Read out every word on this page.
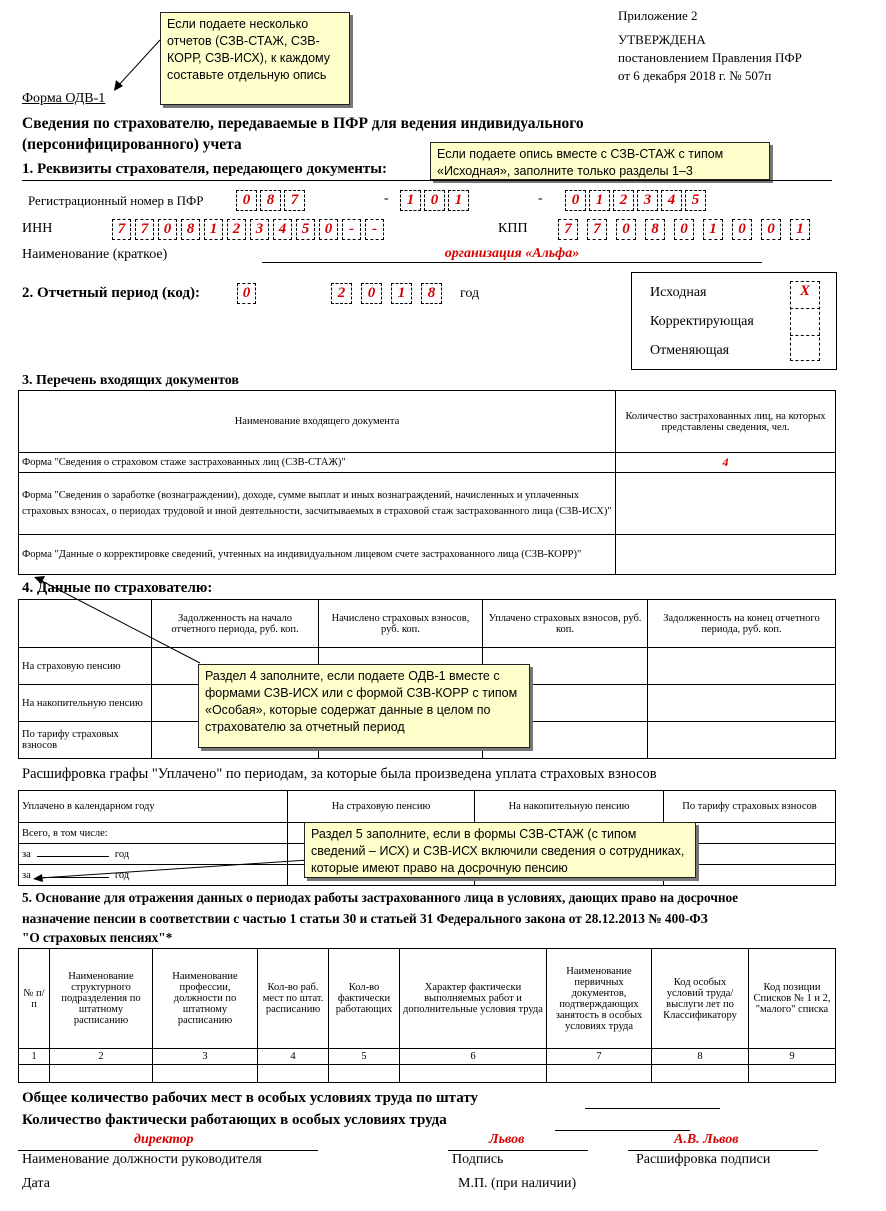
Приложение 2
УТВЕРЖДЕНА
постановлением Правления ПФР
от 6 декабря 2018 г. № 507п
Форма ОДВ-1
Сведения по страхователю, передаваемые в ПФР для ведения индивидуального
(персонифицированного) учета
Если подаете несколько
отчетов (СЗВ-СТАЖ, СЗВ-
КОРР, СЗВ-ИСХ), к каждому
составьте отдельную опись
Если подаете опись вместе с СЗВ-СТАЖ с типом
«Исходная», заполните только разделы 1–3
1. Реквизиты страхователя, передающего документы:
Регистрационный номер в ПФР
ИНН	КПП
Наименование (краткое)	организация «Альфа»
2. Отчетный период (код):	0	год	Исходная
Корректирующая
Отменяющая
X
3. Перечень входящих документов
Наименование входящего документа	Количество застрахованных лиц, на которых представлены сведения, чел.
Форма "Сведения о страховом стаже застрахованных лиц (СЗВ-СТАЖ)"	4
Форма "Сведения о заработке (вознаграждении), доходе, сумме выплат и иных вознаграждений, начисленных и уплаченных страховых взносах, о периодах трудовой и иной деятельности, засчитываемых в страховой стаж застрахованного лица (СЗВ-ИСХ)"	
Форма "Данные о корректировке сведений, учтенных на индивидуальном лицевом счете застрахованного лица (СЗВ-КОРР)"	
4. Данные по страхователю:
	Задолженность на начало отчетного периода, руб. коп.	Начислено страховых взносов, руб. коп.	Уплачено страховых взносов, руб. коп.	Задолженность на конец отчетного периода, руб. коп.
На страховую пенсию				
На накопительную пенсию				
По тарифу страховых взносов				
Раздел 4 заполните, если подаете ОДВ-1 вместе с
формами СЗВ-ИСХ или с формой СЗВ-КОРР с типом
«Особая», которые содержат данные в целом по
страхователю за отчетный период
Расшифровка графы "Уплачено" по периодам, за которые была произведена уплата страховых взносов
Уплачено в календарном году	На страховую пенсию	На накопительную пенсию	По тарифу страховых взносов
Всего, в том числе:			
за год			
за год			
Раздел 5 заполните, если в формы СЗВ-СТАЖ (с типом
сведений – ИСХ) и СЗВ-ИСХ включили сведения о сотрудниках,
которые имеют право на досрочную пенсию
5. Основание для отражения данных о периодах работы застрахованного лица в условиях, дающих право на досрочное
назначение пенсии в соответствии с частью 1 статьи 30 и статьей 31 Федерального закона от 28.12.2013 № 400-ФЗ
"О страховых пенсиях"*
№ п/п	Наименование структурного подразделения по штатному расписанию	Наименование профессии, должности по штатному расписанию	Кол-во раб. мест по штат. расписанию	Кол-во фактически работающих	Характер фактически выполняемых работ и дополнительные условия труда	Наименование первичных документов, подтверждающих занятость в особых условиях труда	Код особых условий труда/ выслуги лет по Классификатору	Код позиции Списков № 1 и 2, "малого" списка
1	2	3	4	5	6	7	8	9

Общее количество рабочих мест в особых условиях труда по штату
Количество фактически работающих в особых условиях труда
директор	Львов	А.В. Львов
Наименование должности руководителя	Подпись	Расшифровка подписи
Дата	М.П. (при наличии)
0	8	7	-	1	0	1	-	0	1	2	3	4	5
7	7	0	8	1	2	3	4	5	0	-	-	7	7	0	8	0	1	0	0	1
2	0	1	8
